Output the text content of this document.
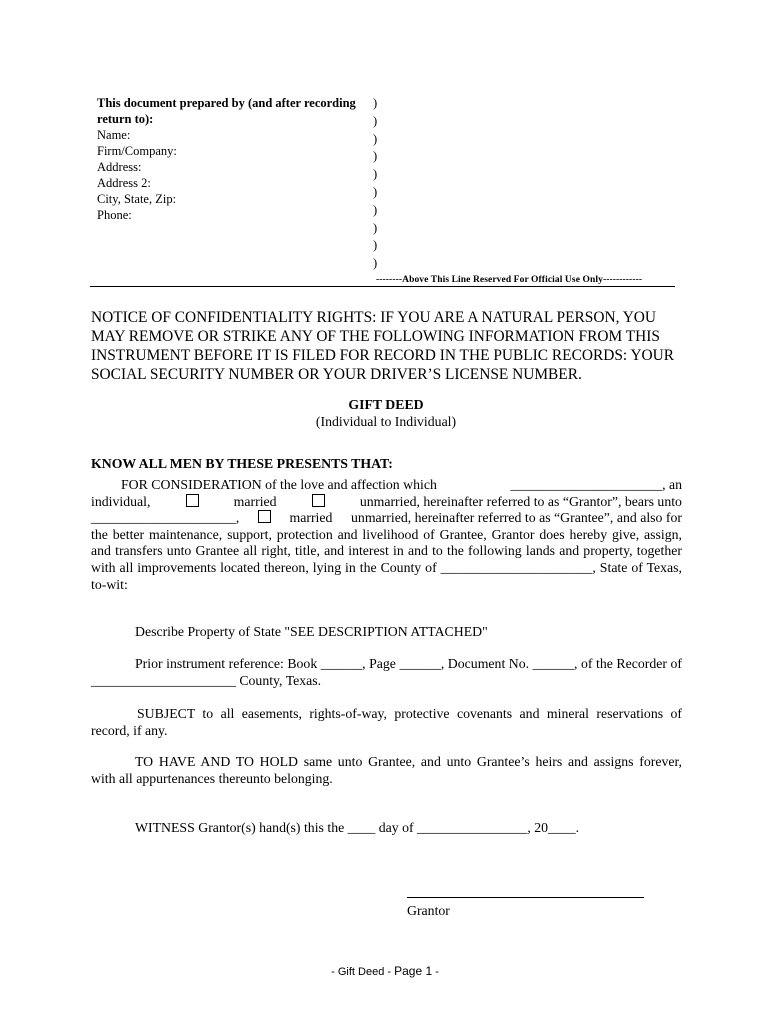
This document prepared by (and after recording
return to):
Name:
Firm/Company:
Address:
Address 2:
City, State, Zip:
Phone:
)
)
)
)
)
)
)
)
)
)
--------Above This Line Reserved For Official Use Only------------
NOTICE OF CONFIDENTIALITY RIGHTS: IF YOU ARE A NATURAL PERSON, YOU MAY REMOVE OR STRIKE ANY OF THE FOLLOWING INFORMATION FROM THIS INSTRUMENT BEFORE IT IS FILED FOR RECORD IN THE PUBLIC RECORDS: YOUR SOCIAL SECURITY NUMBER OR YOUR DRIVER’S LICENSE NUMBER.
GIFT DEED
(Individual to Individual)
KNOW ALL MEN BY THESE PRESENTS THAT:
FOR CONSIDERATION of the love and affection which	______________________, an
individual,	married	unmarried, hereinafter referred to as “Grantor”, bears unto
_____________________,	married unmarried, hereinafter referred to as “Grantee”, and also for
the better maintenance, support, protection and livelihood of Grantee, Grantor does hereby give, assign,
and transfers unto Grantee all right, title, and interest in and to the following lands and property, together
with all improvements located thereon, lying in the County of ______________________, State of Texas,
to-wit:
Describe Property of State "SEE DESCRIPTION ATTACHED"
Prior instrument reference: Book ______, Page ______, Document No. ______, of the Recorder of
_____________________ County, Texas.
SUBJECT to all easements, rights-of-way, protective covenants and mineral reservations of
record, if any.
TO HAVE AND TO HOLD same unto Grantee, and unto Grantee’s heirs and assigns forever,
with all appurtenances thereunto belonging.
WITNESS Grantor(s) hand(s) this the ____ day of ________________, 20____.
Grantor
- Gift Deed - Page 1 -
